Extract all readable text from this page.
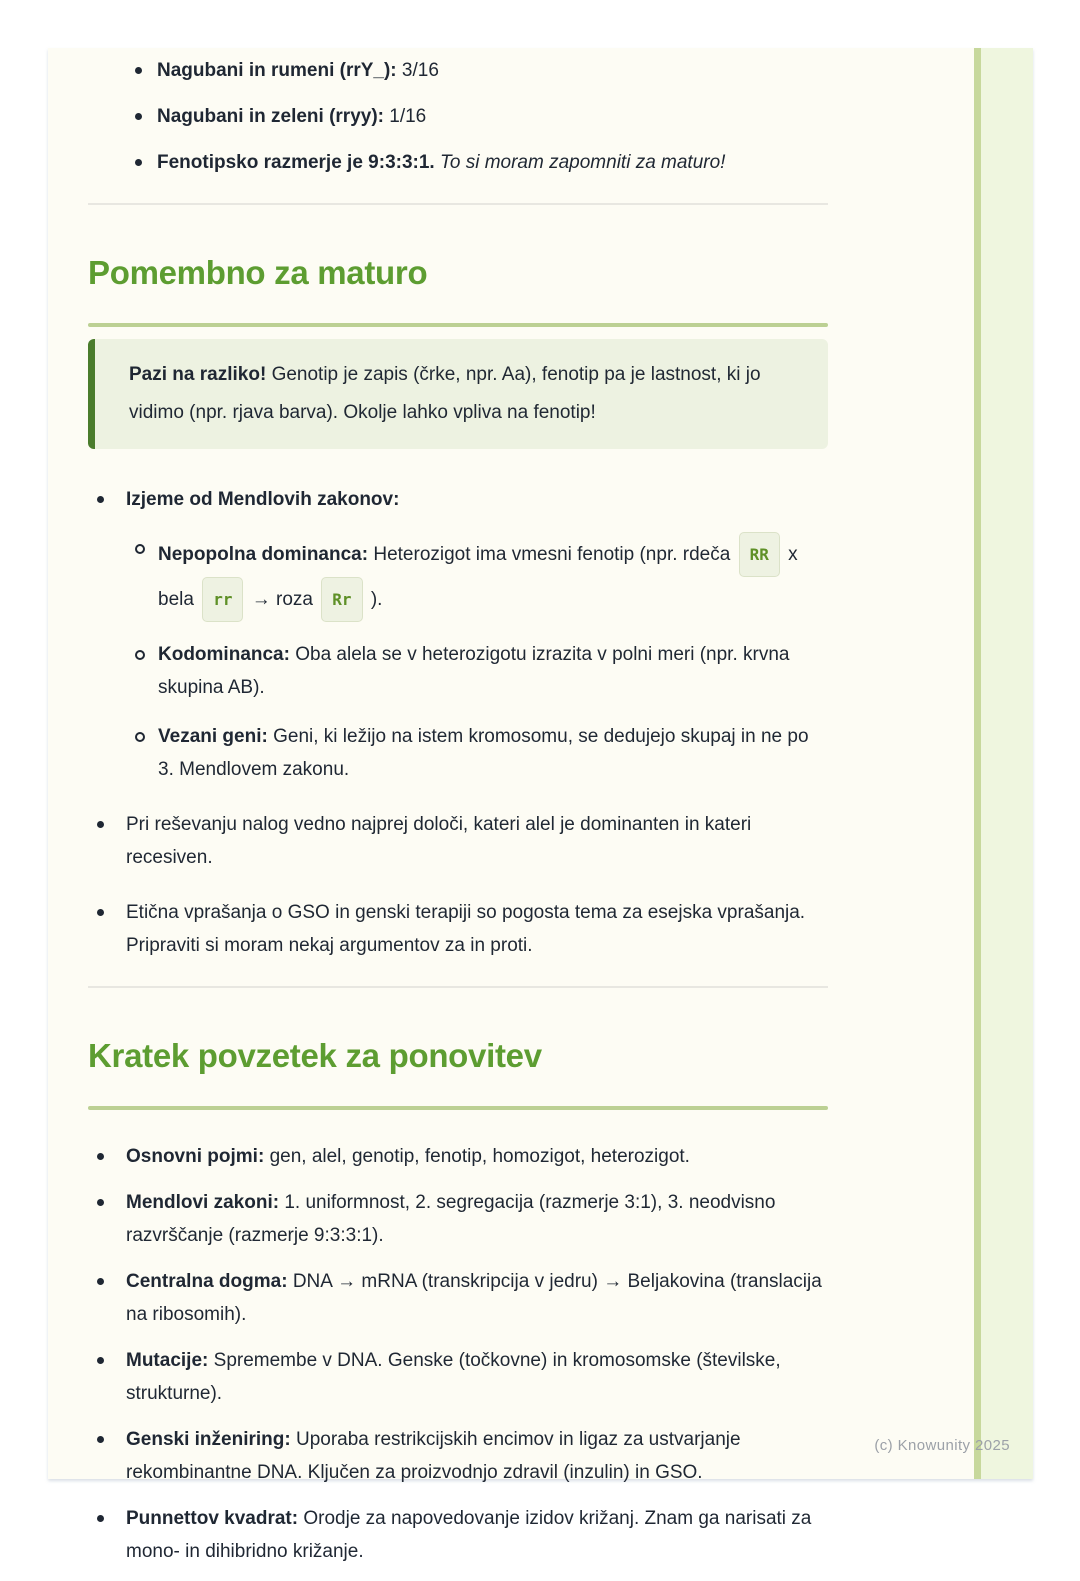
Nagubani in rumeni (rrY_): 3/16
Nagubani in zeleni (rryy): 1/16
Fenotipsko razmerje je 9:3:3:1. To si moram zapomniti za maturo!
Pomembno za maturo
Pazi na razliko! Genotip je zapis (črke, npr. Aa), fenotip pa je lastnost, ki jo vidimo (npr. rjava barva). Okolje lahko vpliva na fenotip!
Izjeme od Mendlovih zakonov:
Nepopolna dominanca: Heterozigot ima vmesni fenotip (npr. rdeča RR x bela rr → roza Rr ).
Kodominanca: Oba alela se v heterozigotu izrazita v polni meri (npr. krvna skupina AB).
Vezani geni: Geni, ki ležijo na istem kromosomu, se dedujejo skupaj in ne po 3. Mendlovem zakonu.
Pri reševanju nalog vedno najprej določi, kateri alel je dominanten in kateri recesiven.
Etična vprašanja o GSO in genski terapiji so pogosta tema za esejska vprašanja. Pripraviti si moram nekaj argumentov za in proti.
Kratek povzetek za ponovitev
Osnovni pojmi: gen, alel, genotip, fenotip, homozigot, heterozigot.
Mendlovi zakoni: 1. uniformnost, 2. segregacija (razmerje 3:1), 3. neodvisno razvrščanje (razmerje 9:3:3:1).
Centralna dogma: DNA → mRNA (transkripcija v jedru) → Beljakovina (translacija na ribosomih).
Mutacije: Spremembe v DNA. Genske (točkovne) in kromosomske (številske, strukturne).
Genski inženiring: Uporaba restrikcijskih encimov in ligaz za ustvarjanje rekombinantne DNA. Ključen za proizvodnjo zdravil (inzulin) in GSO.
Punnettov kvadrat: Orodje za napovedovanje izidov križanj. Znam ga narisati za mono- in dihibridno križanje.
(c) Knowunity 2025
